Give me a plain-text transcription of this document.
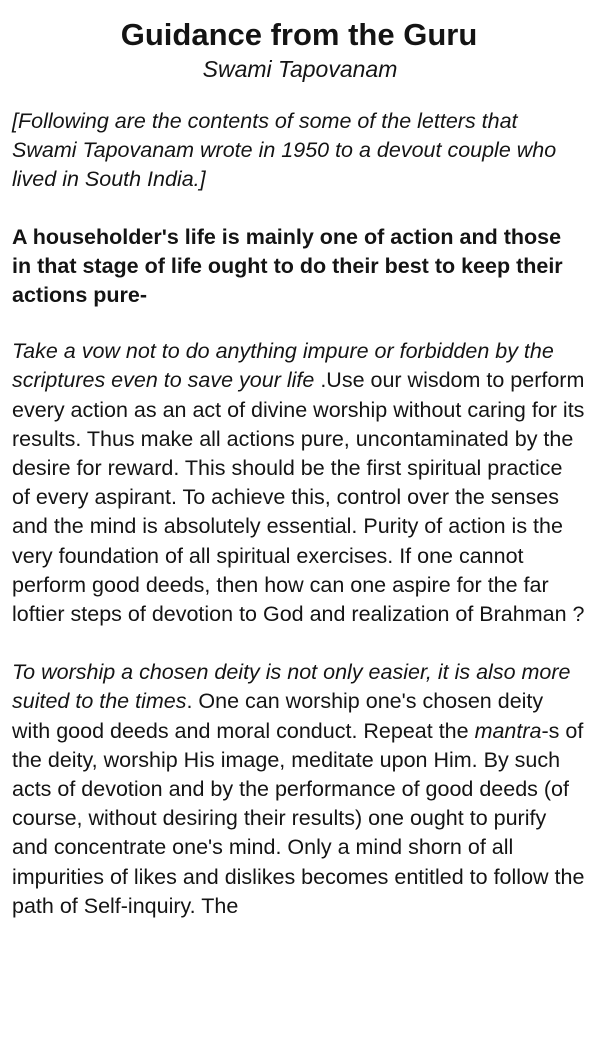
Guidance from the Guru

Swami Tapovanam

[Following are the contents of some of the letters that Swami Tapovanam wrote in 1950 to a devout couple who lived in South India.]

A householder's life is mainly one of action and those in that stage of life ought to do their best to keep their actions pure-

Take a vow not to do anything impure or forbidden by the scriptures even to save your life .Use our wisdom to perform every action as an act of divine worship without caring for its results. Thus make all actions pure, uncontaminated by the desire for reward. This should be the first spiritual practice of every aspirant. To achieve this, control over the senses and the mind is absolutely essential. Purity of action is the very foundation of all spiritual exercises. If one cannot perform good deeds, then how can one aspire for the far loftier steps of devotion to God and realization of Brahman ?

To worship a chosen deity is not only easier, it is also more suited to the times. One can worship one's chosen deity with good deeds and moral conduct. Repeat the mantra-s of the deity, worship His image, meditate upon Him. By such acts of devotion and by the performance of good deeds (of course, without desiring their results) one ought to purify and concentrate one's mind. Only a mind shorn of all impurities of likes and dislikes becomes entitled to follow the path of Self-inquiry. The
